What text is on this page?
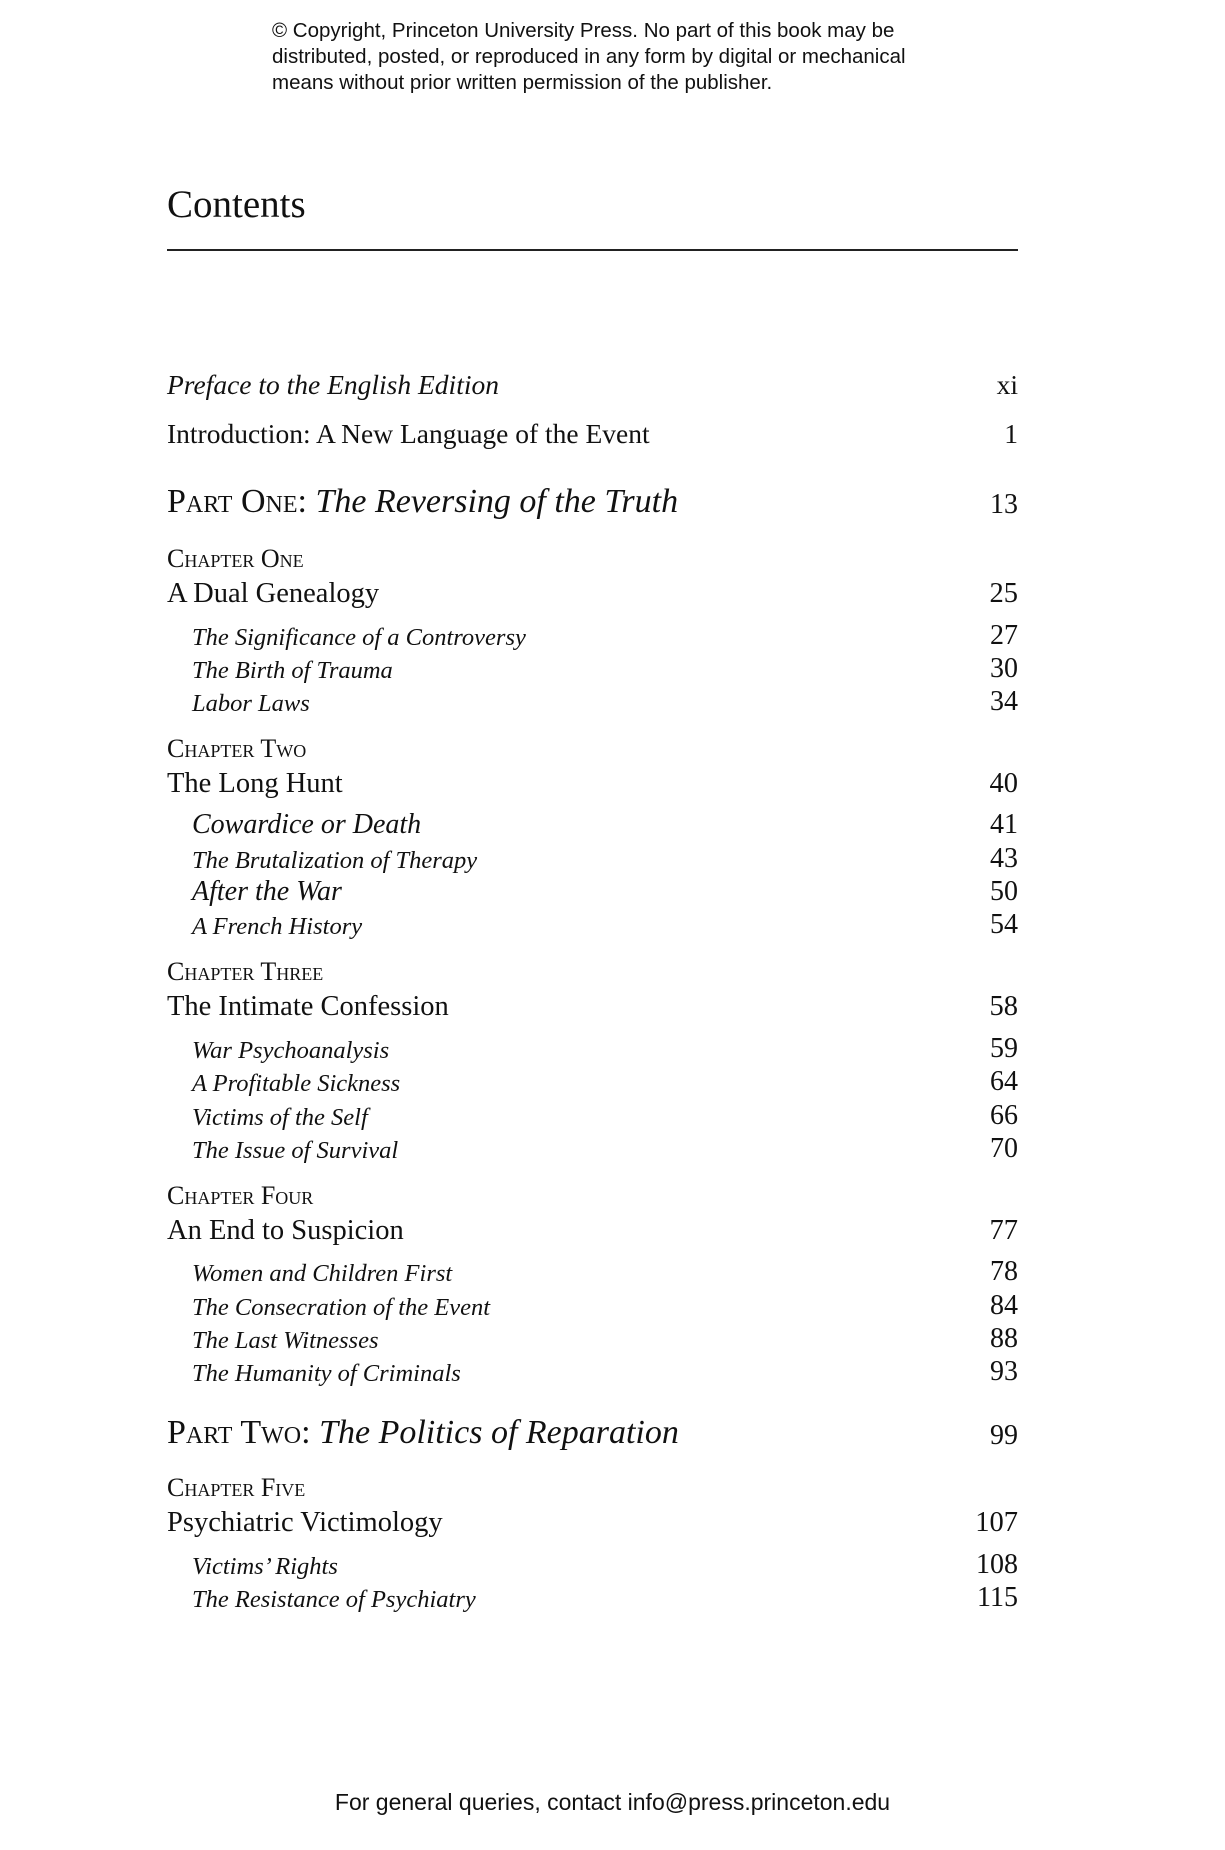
© Copyright, Princeton University Press. No part of this book may be
distributed, posted, or reproduced in any form by digital or mechanical
means without prior written permission of the publisher.
Contents
Preface to the English Edition	xi
Introduction: A New Language of the Event	1
Part One: The Reversing of the Truth	13
Chapter One
A Dual Genealogy	25
The Significance of a Controversy	27
The Birth of Trauma	30
Labor Laws	34
Chapter Two
The Long Hunt	40
Cowardice or Death	41
The Brutalization of Therapy	43
After the War	50
A French History	54
Chapter Three
The Intimate Confession	58
War Psychoanalysis	59
A Profitable Sickness	64
Victims of the Self	66
The Issue of Survival	70
Chapter Four
An End to Suspicion	77
Women and Children First	78
The Consecration of the Event	84
The Last Witnesses	88
The Humanity of Criminals	93
Part Two: The Politics of Reparation	99
Chapter Five
Psychiatric Victimology	107
Victims’ Rights	108
The Resistance of Psychiatry	115
For general queries, contact info@press.princeton.edu
